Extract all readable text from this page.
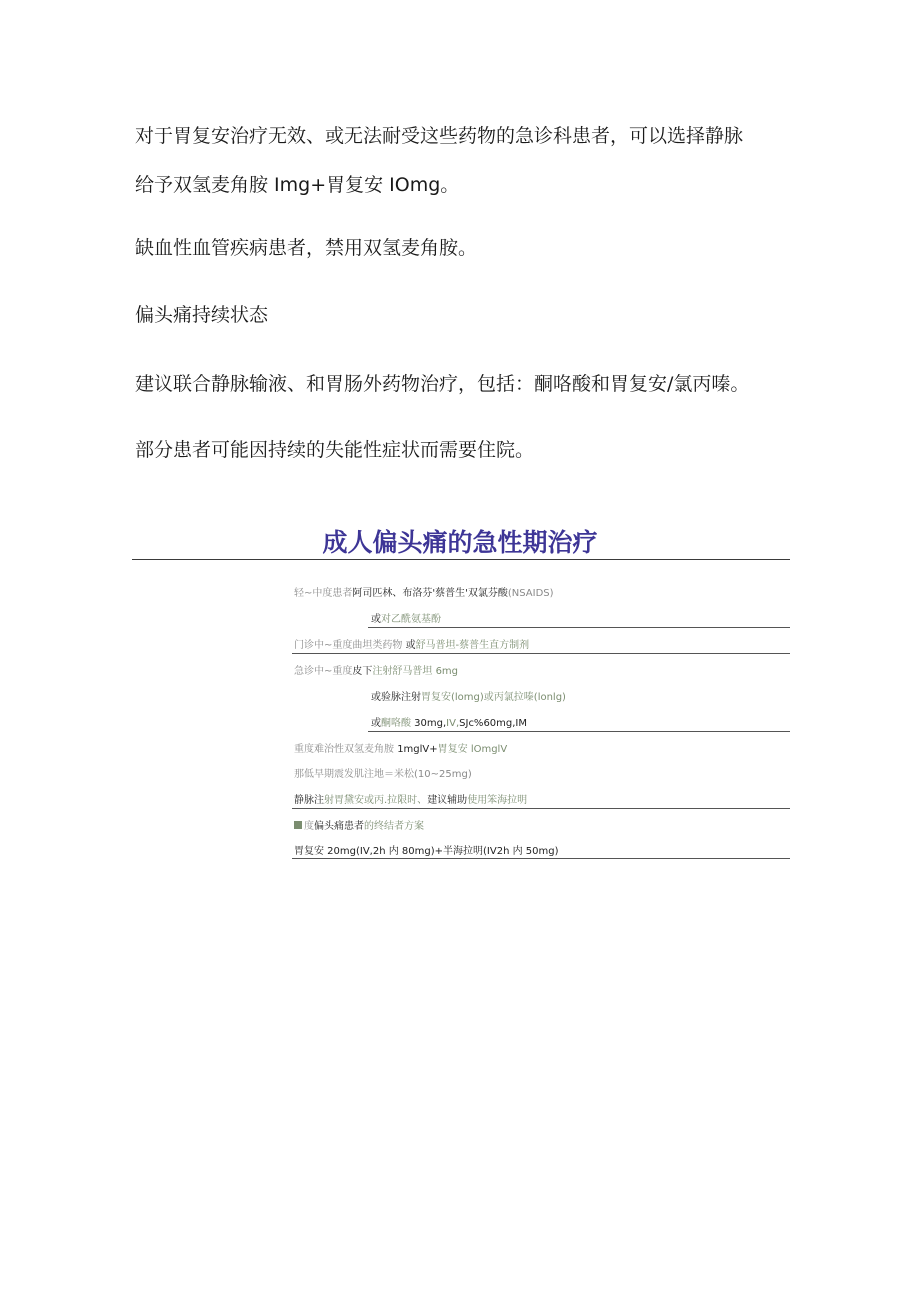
对于胃复安治疗无效、或无法耐受这些药物的急诊科患者，可以选择静脉

给予双氢麦角胺 Img+胃复安 IOmg。

缺血性血管疾病患者，禁用双氢麦角胺。

偏头痛持续状态

建议联合静脉输液、和胃肠外药物治疗，包括：酮咯酸和胃复安/氯丙嗪。

部分患者可能因持续的失能性症状而需要住院。

成人偏头痛的急性期治疗
轻~中度患者阿司匹林、布洛芬'蔡普生'双氯芬酸(NSAIDS)
或对乙酰氨基酚
门诊中~重度曲坦类药物 或舒马普坦-蔡普生直方制剂
急诊中~重度皮下注射舒马普坦 6mg
或验脉注射胃复安(lomg)或丙氯拉嗪(lonlg)
或酮咯酸 30mg,IV,SJc%60mg,IM
重度难治性双氢麦角胺 1mglV+胃复安 lOmglV
那低早期震发肌注地＝米松(10~25mg)
静脉注射胃黛安或丙.拉限时、建议辅助使用笨海拉明
度偏头痛患者的终结者方案
胃复安 20mg(IV,2h 内 80mg)+半海拉明(IV2h 内 50mg)
